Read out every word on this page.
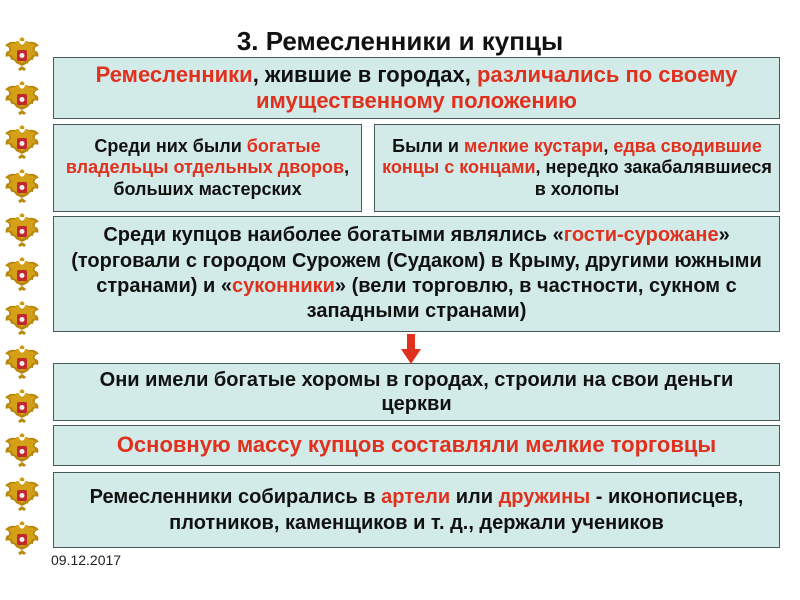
3. Ремесленники и купцы
Ремесленники, жившие в городах, различались по своему имущественному положению
Среди них были богатые владельцы отдельных дворов, больших мастерских
Были и мелкие кустари, едва сводившие концы с концами, нередко закабалявшиеся в холопы
Среди купцов наиболее богатыми являлись «гости-сурожане» (торговали с городом Сурожем (Судаком) в Крыму, другими южными странами) и «суконники» (вели торговлю, в частности, сукном с западными странами)
Они имели богатые хоромы в городах, строили на свои деньги церкви
Основную массу купцов составляли мелкие торговцы
Ремесленники собирались в артели или дружины - иконописцев, плотников, каменщиков и т. д., держали учеников
09.12.2017
